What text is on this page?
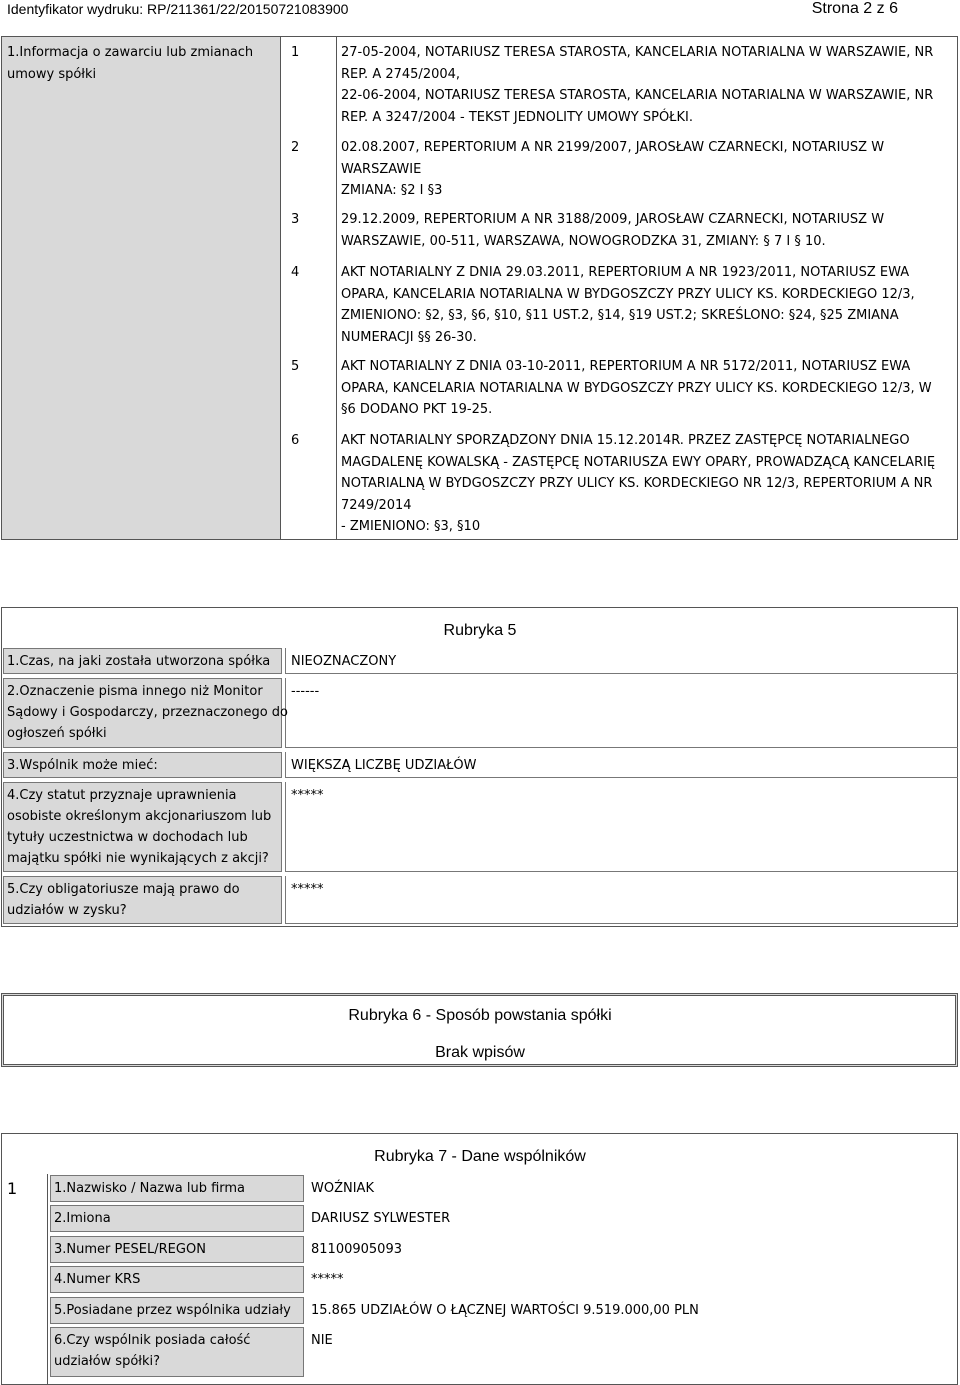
Identyfikator wydruku: RP/211361/22/20150721083900	Strona 2 z 6
1.Informacja o zawarciu lub zmianach
umowy spółki
1	27-05-2004, NOTARIUSZ TERESA STAROSTA, KANCELARIA NOTARIALNA W WARSZAWIE, NR
REP. A 2745/2004,
22-06-2004, NOTARIUSZ TERESA STAROSTA, KANCELARIA NOTARIALNA W WARSZAWIE, NR
REP. A 3247/2004 - TEKST JEDNOLITY UMOWY SPÓŁKI.
2	02.08.2007, REPERTORIUM A NR 2199/2007, JAROSŁAW CZARNECKI, NOTARIUSZ W
WARSZAWIE
ZMIANA: §2 I §3
3	29.12.2009, REPERTORIUM A NR 3188/2009, JAROSŁAW CZARNECKI, NOTARIUSZ W
WARSZAWIE, 00-511, WARSZAWA, NOWOGRODZKA 31, ZMIANY: § 7 I § 10.
4	AKT NOTARIALNY Z DNIA 29.03.2011, REPERTORIUM A NR 1923/2011, NOTARIUSZ EWA
OPARA, KANCELARIA NOTARIALNA W BYDGOSZCZY PRZY ULICY KS. KORDECKIEGO 12/3,
ZMIENIONO: §2, §3, §6, §10, §11 UST.2, §14, §19 UST.2; SKREŚLONO: §24, §25 ZMIANA
NUMERACJI §§ 26-30.
5	AKT NOTARIALNY Z DNIA 03-10-2011, REPERTORIUM A NR 5172/2011, NOTARIUSZ EWA
OPARA, KANCELARIA NOTARIALNA W BYDGOSZCZY PRZY ULICY KS. KORDECKIEGO 12/3, W
§6 DODANO PKT 19-25.
6	AKT NOTARIALNY SPORZĄDZONY DNIA 15.12.2014R. PRZEZ ZASTĘPCĘ NOTARIALNEGO
MAGDALENĘ KOWALSKĄ - ZASTĘPCĘ NOTARIUSZA EWY OPARY, PROWADZĄCĄ KANCELARIĘ
NOTARIALNĄ W BYDGOSZCZY PRZY ULICY KS. KORDECKIEGO NR 12/3, REPERTORIUM A NR
7249/2014
- ZMIENIONO: §3, §10
Rubryka 5
1.Czas, na jaki została utworzona spółka NIEOZNACZONY
2.Oznaczenie pisma innego niż Monitor
Sądowy i Gospodarczy, przeznaczonego do
ogłoszeń spółki
------
3.Wspólnik może mieć:	WIĘKSZĄ LICZBĘ UDZIAŁÓW
4.Czy statut przyznaje uprawnienia
osobiste określonym akcjonariuszom lub
tytuły uczestnictwa w dochodach lub
majątku spółki nie wynikających z akcji?
*****
5.Czy obligatoriusze mają prawo do
udziałów w zysku?
*****
Rubryka 6 - Sposób powstania spółki
Brak wpisów
Rubryka 7 - Dane wspólników
1	1.Nazwisko / Nazwa lub firma	WOŹNIAK
2.Imiona	DARIUSZ SYLWESTER
3.Numer PESEL/REGON	81100905093
4.Numer KRS	*****
5.Posiadane przez wspólnika udziały 15.865 UDZIAŁÓW O ŁĄCZNEJ WARTOŚCI 9.519.000,00 PLN
6.Czy wspólnik posiada całość
udziałów spółki?
NIE
